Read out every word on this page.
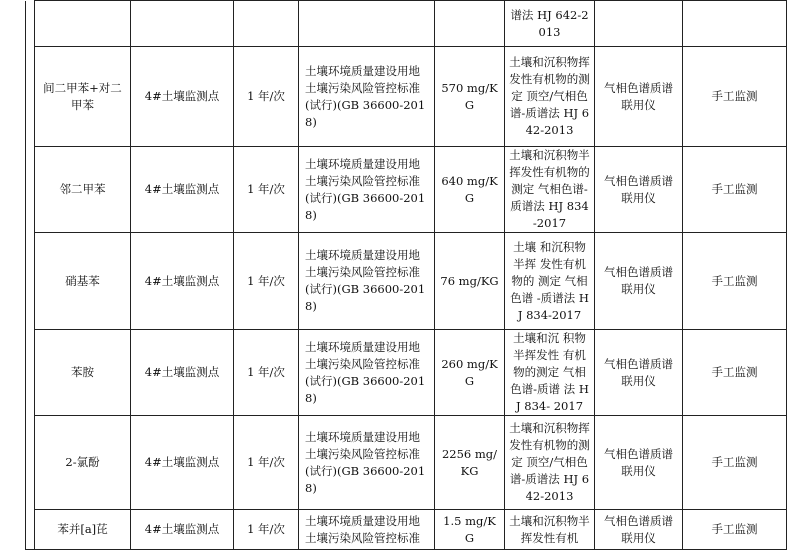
						谱法 HJ 642-2013		
	间二甲苯+对二甲苯	4#土壤监测点	1 年/次	土壤环境质量建设用地土壤污染风险管控标准(试行)(GB 36600-2018)	570 mg/KG	土壤和沉积物挥发性有机物的测定 顶空/气相色谱-质谱法 HJ 642-2013	气相色谱质谱联用仪	手工监测
	邻二甲苯	4#土壤监测点	1 年/次	土壤环境质量建设用地土壤污染风险管控标准(试行)(GB 36600-2018)	640 mg/KG	土壤和沉积物半挥发性有机物的测定 气相色谱-质谱法 HJ 834-2017	气相色谱质谱联用仪	手工监测
	硝基苯	4#土壤监测点	1 年/次	土壤环境质量建设用地土壤污染风险管控标准(试行)(GB 36600-2018)	76 mg/KG	土壤 和沉积物半挥 发性有机物的 测定 气相色谱 -质谱法 HJ 834-2017	气相色谱质谱联用仪	手工监测
	苯胺	4#土壤监测点	1 年/次	土壤环境质量建设用地土壤污染风险管控标准(试行)(GB 36600-2018)	260 mg/KG	土壤和沉 积物半挥发性 有机物的测定 气相色谱-质谱 法 HJ 834- 2017	气相色谱质谱联用仪	手工监测
	2-氯酚	4#土壤监测点	1 年/次	土壤环境质量建设用地土壤污染风险管控标准(试行)(GB 36600-2018)	2256 mg/KG	土壤和沉积物挥发性有机物的测定 顶空/气相色谱-质谱法 HJ 642-2013	气相色谱质谱联用仪	手工监测
	苯并[a]芘	4#土壤监测点	1 年/次	土壤环境质量建设用地土壤污染风险管控标准	1.5 mg/KG	土壤和沉积物半挥发性有机	气相色谱质谱联用仪	手工监测
